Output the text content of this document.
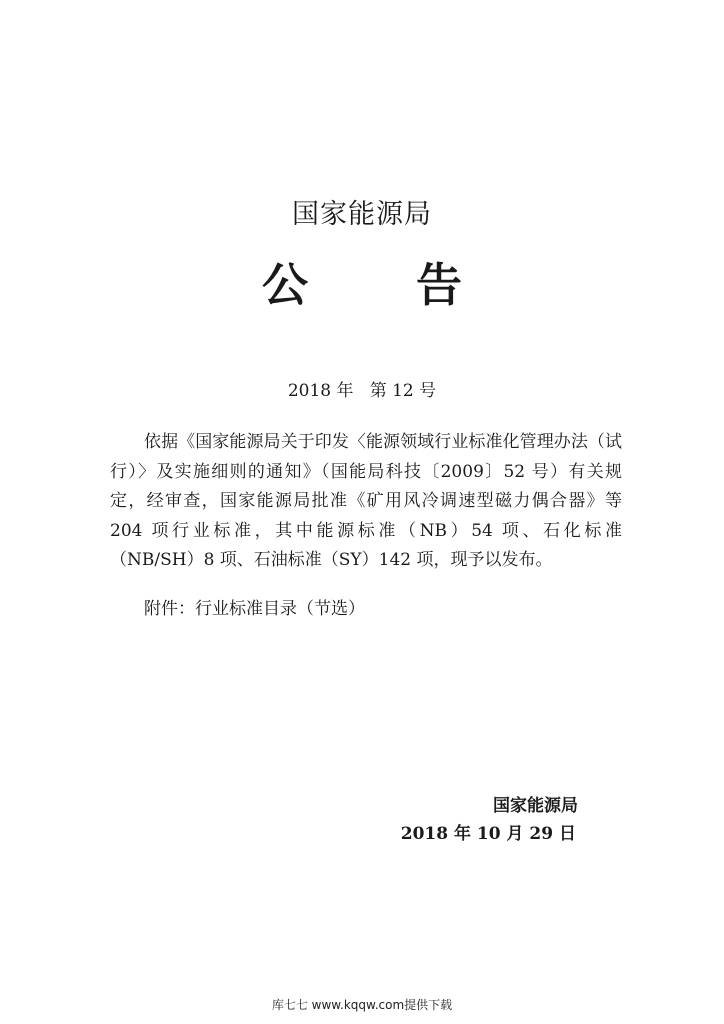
国家能源局
公 告
2018 年   第 12 号

依据《国家能源局关于印发〈能源领域行业标准化管理办法（试行）〉及实施细则的通知》（国能局科技〔2009〕52 号）有关规定，经审查，国家能源局批准《矿用风冷调速型磁力偶合器》等 204 项行业标准，其中能源标准（NB）54 项、石化标准（NB/SH）8 项、石油标准（SY）142 项，现予以发布。

附件：行业标准目录（节选）
国家能源局
2018 年 10 月 29 日
库七七 www.kqqw.com提供下载
